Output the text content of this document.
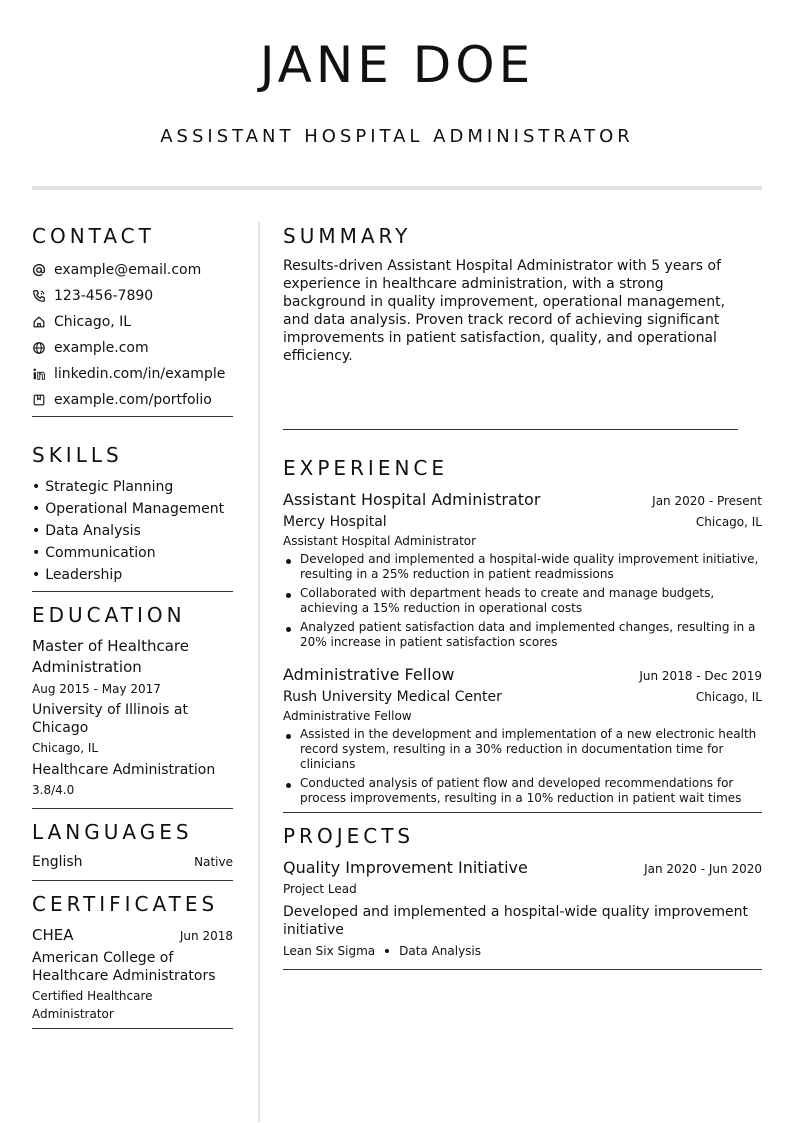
JANE DOE
ASSISTANT HOSPITAL ADMINISTRATOR
CONTACT
example@email.com
123-456-7890
Chicago, IL
example.com
linkedin.com/in/example
example.com/portfolio
SKILLS
• Strategic Planning
• Operational Management
• Data Analysis
• Communication
• Leadership
EDUCATION
Master of Healthcare Administration
Aug 2015 - May 2017
University of Illinois at Chicago
Chicago, IL
Healthcare Administration
3.8/4.0
LANGUAGES
English	Native
CERTIFICATES
CHEA	Jun 2018
American College of Healthcare Administrators
Certified Healthcare Administrator
SUMMARY
Results-driven Assistant Hospital Administrator with 5 years of experience in healthcare administration, with a strong background in quality improvement, operational management, and data analysis. Proven track record of achieving significant improvements in patient satisfaction, quality, and operational efficiency.
EXPERIENCE
Assistant Hospital Administrator	Jan 2020 - Present
Mercy Hospital	Chicago, IL
Assistant Hospital Administrator
Developed and implemented a hospital-wide quality improvement initiative, resulting in a 25% reduction in patient readmissions
Collaborated with department heads to create and manage budgets, achieving a 15% reduction in operational costs
Analyzed patient satisfaction data and implemented changes, resulting in a 20% increase in patient satisfaction scores
Administrative Fellow	Jun 2018 - Dec 2019
Rush University Medical Center	Chicago, IL
Administrative Fellow
Assisted in the development and implementation of a new electronic health record system, resulting in a 30% reduction in documentation time for clinicians
Conducted analysis of patient flow and developed recommendations for process improvements, resulting in a 10% reduction in patient wait times
PROJECTS
Quality Improvement Initiative	Jan 2020 - Jun 2020
Project Lead
Developed and implemented a hospital-wide quality improvement initiative
Lean Six Sigma Data Analysis
